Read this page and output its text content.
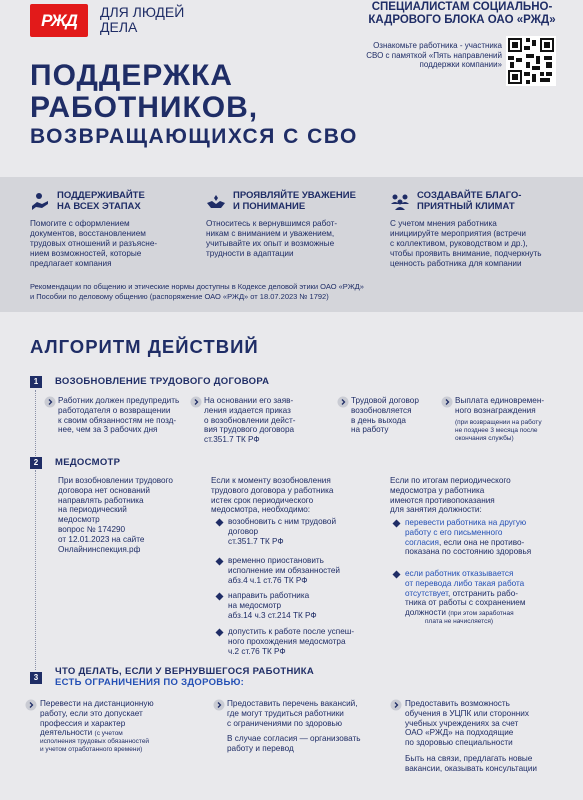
РЖД ДЛЯ ЛЮДЕЙ
ДЕЛА
СПЕЦИАЛИСТАМ СОЦИАЛЬНО-
КАДРОВОГО БЛОКА ОАО «РЖД»
Ознакомьте работника - участника
СВО с памяткой «Пять направлений
поддержки компании»
ПОДДЕРЖКА
РАБОТНИКОВ,
ВОЗВРАЩАЮЩИХСЯ С СВО
ПОДДЕРЖИВАЙТЕ
НА ВСЕХ ЭТАПАХ
Помогите с оформлением
документов, восстановлением
трудовых отношений и разъясне-
нием возможностей, которые
предлагает компания
ПРОЯВЛЯЙТЕ УВАЖЕНИЕ
И ПОНИМАНИЕ
Относитесь к вернувшимся работ-
никам с вниманием и уважением,
учитывайте их опыт и возможные
трудности в адаптации
СОЗДАВАЙТЕ БЛАГО-
ПРИЯТНЫЙ КЛИМАТ
С учетом мнения работника
инициируйте мероприятия (встречи
с коллективом, руководством и др.),
чтобы проявить внимание, подчеркнуть
ценность работника для компании
Рекомендации по общению и этические нормы доступны в Кодексе деловой этики ОАО «РЖД»
и Пособии по деловому общению (распоряжение ОАО «РЖД» от 18.07.2023 № 1792)
АЛГОРИТМ ДЕЙСТВИЙ
1	ВОЗОБНОВЛЕНИЕ ТРУДОВОГО ДОГОВОРА
Работник должен предупредить
работодателя о возвращении
к своим обязанностям не позд-
нее, чем за 3 рабочих дня
На основании его заяв-
ления издается приказ
о возобновлении дейст-
вия трудового договора
ст.351.7 ТК РФ
Трудовой договор
возобновляется
в день выхода
на работу
Выплата единовремен-
ного вознаграждения
(при возвращении на работу
не позднее 3 месяца после
окончания службы)
2	МЕДОСМОТР
При возобновлении трудового
договора нет оснований
направлять работника
на периодический
медосмотр
вопрос № 174290
от 12.01.2023 на сайте
Онлайнинспекция.рф
Если к моменту возобновления
трудового договора у работника
истек срок периодического
медосмотра, необходимо:
возобновить с ним трудовой
договор
ст.351.7 ТК РФ
временно приостановить
исполнение им обязанностей
абз.4 ч.1 ст.76 ТК РФ
направить работника
на медосмотр
абз.14 ч.3 ст.214 ТК РФ
допустить к работе после успеш-
ного прохождения медосмотра
ч.2 ст.76 ТК РФ
Если по итогам периодического
медосмотра у работника
имеются противопоказания
для занятия должности:
перевести работника на другую
работу с его письменного
согласия, если она не противо-
показана по состоянию здоровья
если работник отказывается
от перевода либо такая работа
отсутствует, отстранить рабо-
тника от работы с сохранением
должности (при этом заработная
плата не начисляется)
3
ЧТО ДЕЛАТЬ, ЕСЛИ У ВЕРНУВШЕГОСЯ РАБОТНИКА
ЕСТЬ ОГРАНИЧЕНИЯ ПО ЗДОРОВЬЮ:
Перевести на дистанционную
работу, если это допускает
профессия и характер
деятельности (с учетом
исполнения трудовых обязанностей
и учетом отработанного времени)
Предоставить перечень вакансий,
где могут трудиться работники
с ограничениями по здоровью
В случае согласия — организовать
работу и перевод
Предоставить возможность
обучения в УЦПК или сторонних
учебных учреждениях за счет
ОАО «РЖД» на подходящие
по здоровью специальности
Быть на связи, предлагать новые
вакансии, оказывать консультации
